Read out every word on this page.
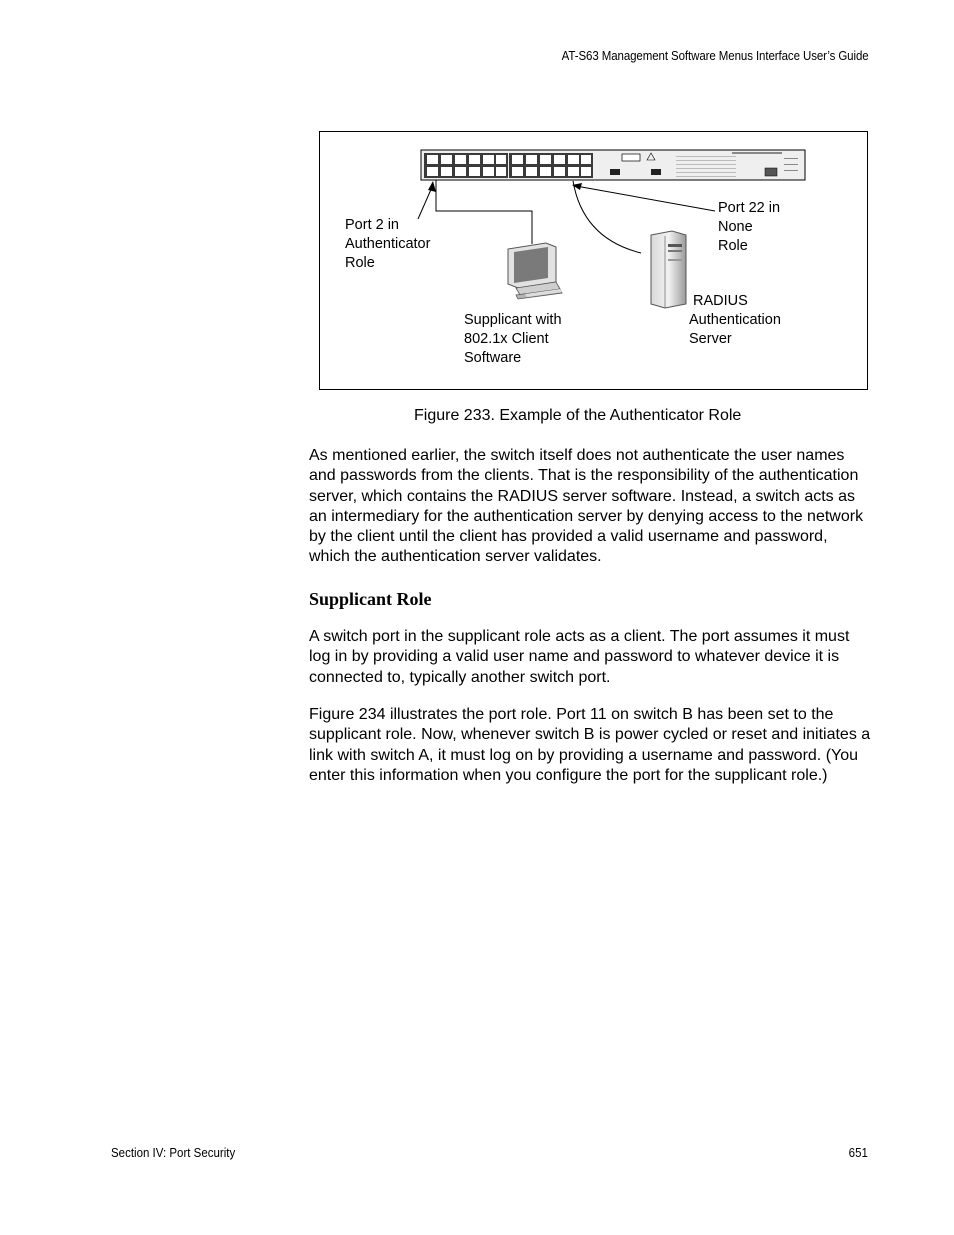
AT-S63 Management Software Menus Interface User’s Guide
Port 2 in
Authenticator
Role
Port 22 in
None
Role
Supplicant with
802.1x Client
Software
RADIUS
Authentication
Server
Figure 233. Example of the Authenticator Role
As mentioned earlier, the switch itself does not authenticate the user names and passwords from the clients. That is the responsibility of the authentication server, which contains the RADIUS server software. Instead, a switch acts as an intermediary for the authentication server by denying access to the network by the client until the client has provided a valid username and password, which the authentication server validates.
Supplicant Role
A switch port in the supplicant role acts as a client. The port assumes it must log in by providing a valid user name and password to whatever device it is connected to, typically another switch port.
Figure 234 illustrates the port role. Port 11 on switch B has been set to the supplicant role. Now, whenever switch B is power cycled or reset and initiates a link with switch A, it must log on by providing a username and password. (You enter this information when you configure the port for the supplicant role.)
Section IV: Port Security	651
